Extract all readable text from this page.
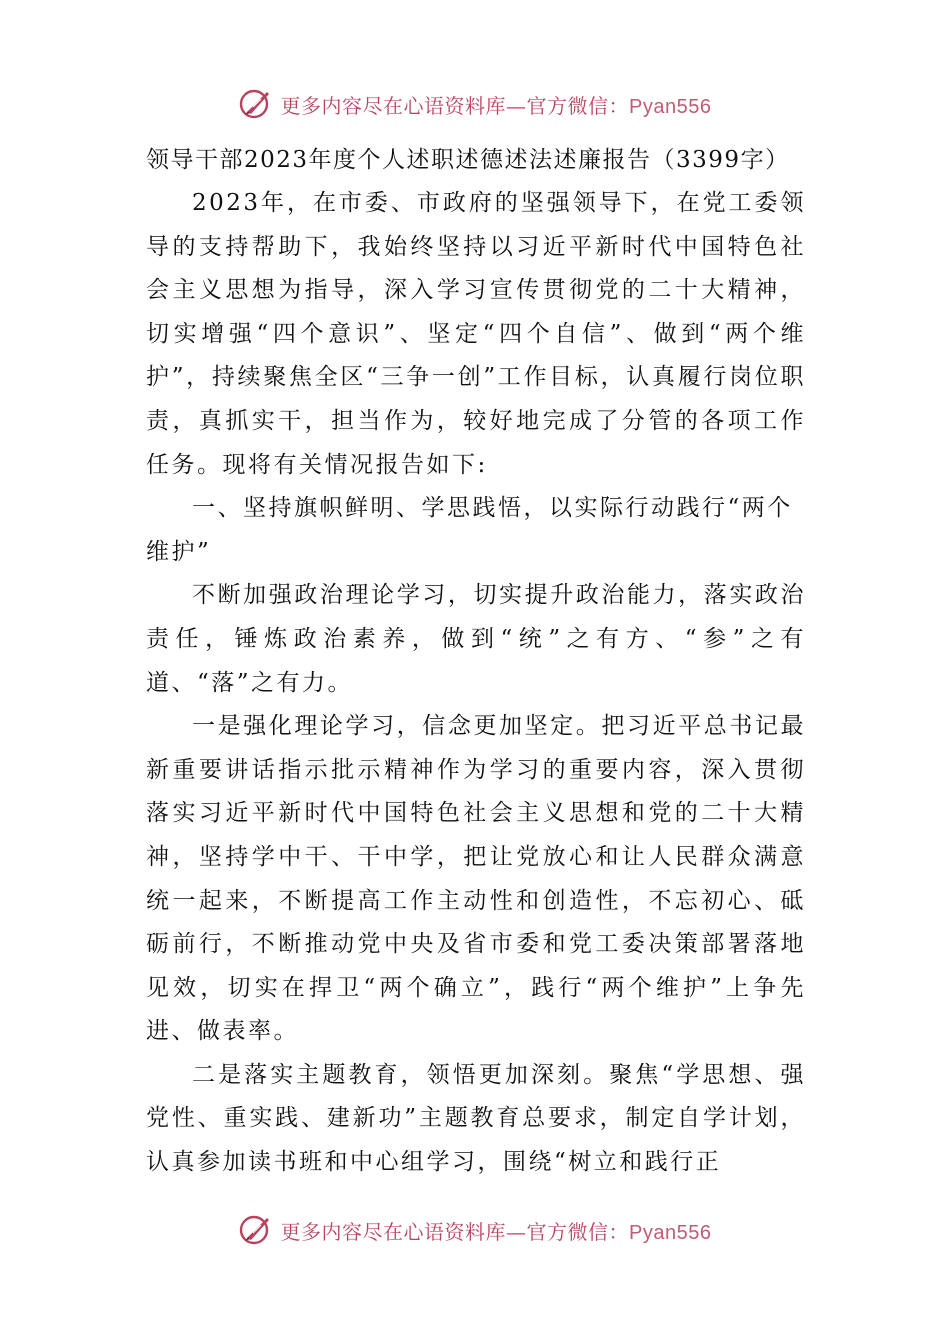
更多内容尽在心语资料库—官方微信：Pyan556

领导干部2023年度个人述职述德述法述廉报告（3399字）

2023年，在市委、市政府的坚强领导下，在党工委领导的支持帮助下，我始终坚持以习近平新时代中国特色社会主义思想为指导，深入学习宣传贯彻党的二十大精神，切实增强“四个意识”、坚定“四个自信”、做到“两个维护”，持续聚焦全区“三争一创”工作目标，认真履行岗位职责，真抓实干，担当作为，较好地完成了分管的各项工作任务。现将有关情况报告如下:

一、坚持旗帜鲜明、学思践悟，以实际行动践行“两个维护”

不断加强政治理论学习，切实提升政治能力，落实政治责任，锤炼政治素养，做到“统”之有方、“参”之有道、“落”之有力。

一是强化理论学习，信念更加坚定。把习近平总书记最新重要讲话指示批示精神作为学习的重要内容，深入贯彻落实习近平新时代中国特色社会主义思想和党的二十大精神，坚持学中干、干中学，把让党放心和让人民群众满意统一起来，不断提高工作主动性和创造性，不忘初心、砥砺前行，不断推动党中央及省市委和党工委决策部署落地见效，切实在捍卫“两个确立”，践行“两个维护”上争先进、做表率。

二是落实主题教育，领悟更加深刻。聚焦“学思想、强党性、重实践、建新功”主题教育总要求，制定自学计划，认真参加读书班和中心组学习，围绕“树立和践行正

更多内容尽在心语资料库—官方微信：Pyan556
